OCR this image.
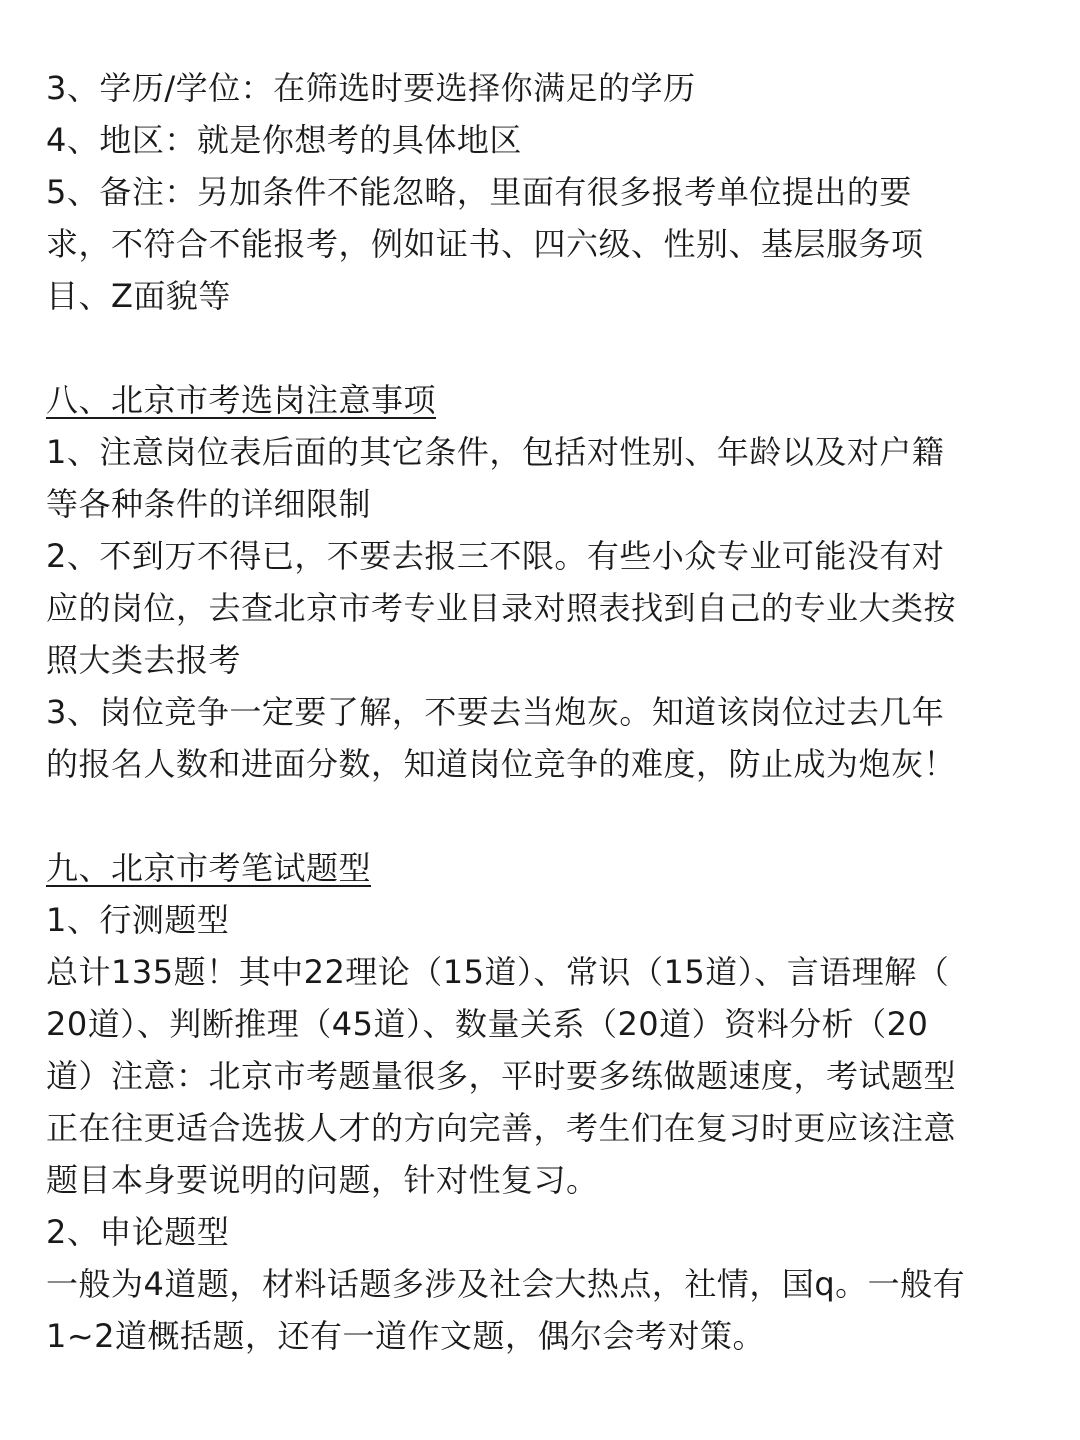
3、学历/学位：在筛选时要选择你满足的学历
4、地区：就是你想考的具体地区
5、备注：另加条件不能忽略，里面有很多报考单位提出的要
求，不符合不能报考，例如证书、四六级、性别、基层服务项
目、Z面貌等
八、北京市考选岗注意事项
1、注意岗位表后面的其它条件，包括对性别、年龄以及对户籍
等各种条件的详细限制
2、不到万不得已，不要去报三不限。有些小众专业可能没有对
应的岗位，去查北京市考专业目录对照表找到自己的专业大类按
照大类去报考
3、岗位竞争一定要了解，不要去当炮灰。知道该岗位过去几年
的报名人数和进面分数，知道岗位竞争的难度，防止成为炮灰！
九、北京市考笔试题型
1、行测题型
总计135题！其中22理论（15道）、常识（15道）、言语理解（
20道）、判断推理（45道）、数量关系（20道）资料分析（20
道）注意：北京市考题量很多，平时要多练做题速度，考试题型
正在往更适合选拔人才的方向完善，考生们在复习时更应该注意
题目本身要说明的问题，针对性复习。
2、申论题型
一般为4道题，材料话题多涉及社会大热点，社情，国q。一般有
1~2道概括题，还有一道作文题，偶尔会考对策。
